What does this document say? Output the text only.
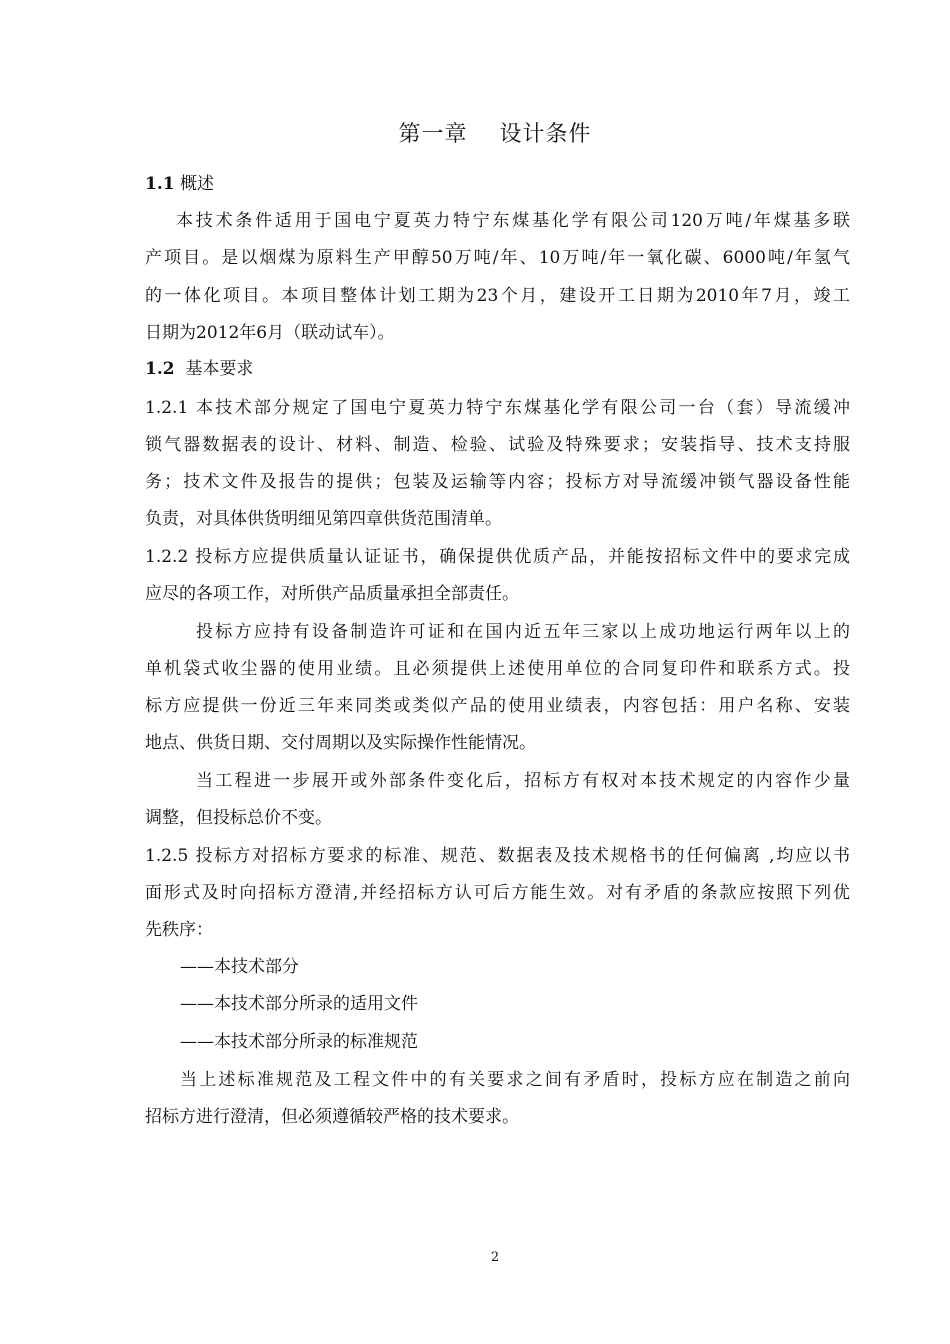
第一章    设计条件
1.1 概述
本技术条件适用于国电宁夏英力特宁东煤基化学有限公司120万吨/年煤基多联
产项目。是以烟煤为原料生产甲醇50万吨/年、10万吨/年一氧化碳、6000吨/年氢气
的一体化项目。本项目整体计划工期为23个月，建设开工日期为2010年7月，竣工
日期为2012年6月（联动试车）。
1.2 基本要求
1.2.1 本技术部分规定了国电宁夏英力特宁东煤基化学有限公司一台（套）导流缓冲
锁气器数据表的设计、材料、制造、检验、试验及特殊要求；安装指导、技术支持服
务；技术文件及报告的提供；包装及运输等内容；投标方对导流缓冲锁气器设备性能
负责，对具体供货明细见第四章供货范围清单。
1.2.2 投标方应提供质量认证证书，确保提供优质产品，并能按招标文件中的要求完成
应尽的各项工作，对所供产品质量承担全部责任。
投标方应持有设备制造许可证和在国内近五年三家以上成功地运行两年以上的
单机袋式收尘器的使用业绩。且必须提供上述使用单位的合同复印件和联系方式。投
标方应提供一份近三年来同类或类似产品的使用业绩表，内容包括：用户名称、安装
地点、供货日期、交付周期以及实际操作性能情况。
当工程进一步展开或外部条件变化后，招标方有权对本技术规定的内容作少量
调整，但投标总价不变。
1.2.5 投标方对招标方要求的标准、规范、数据表及技术规格书的任何偏离 ,均应以书
面形式及时向招标方澄清,并经招标方认可后方能生效。对有矛盾的条款应按照下列优
先秩序：
——本技术部分
——本技术部分所录的适用文件
——本技术部分所录的标准规范
当上述标准规范及工程文件中的有关要求之间有矛盾时，投标方应在制造之前向
招标方进行澄清，但必须遵循较严格的技术要求。
2
